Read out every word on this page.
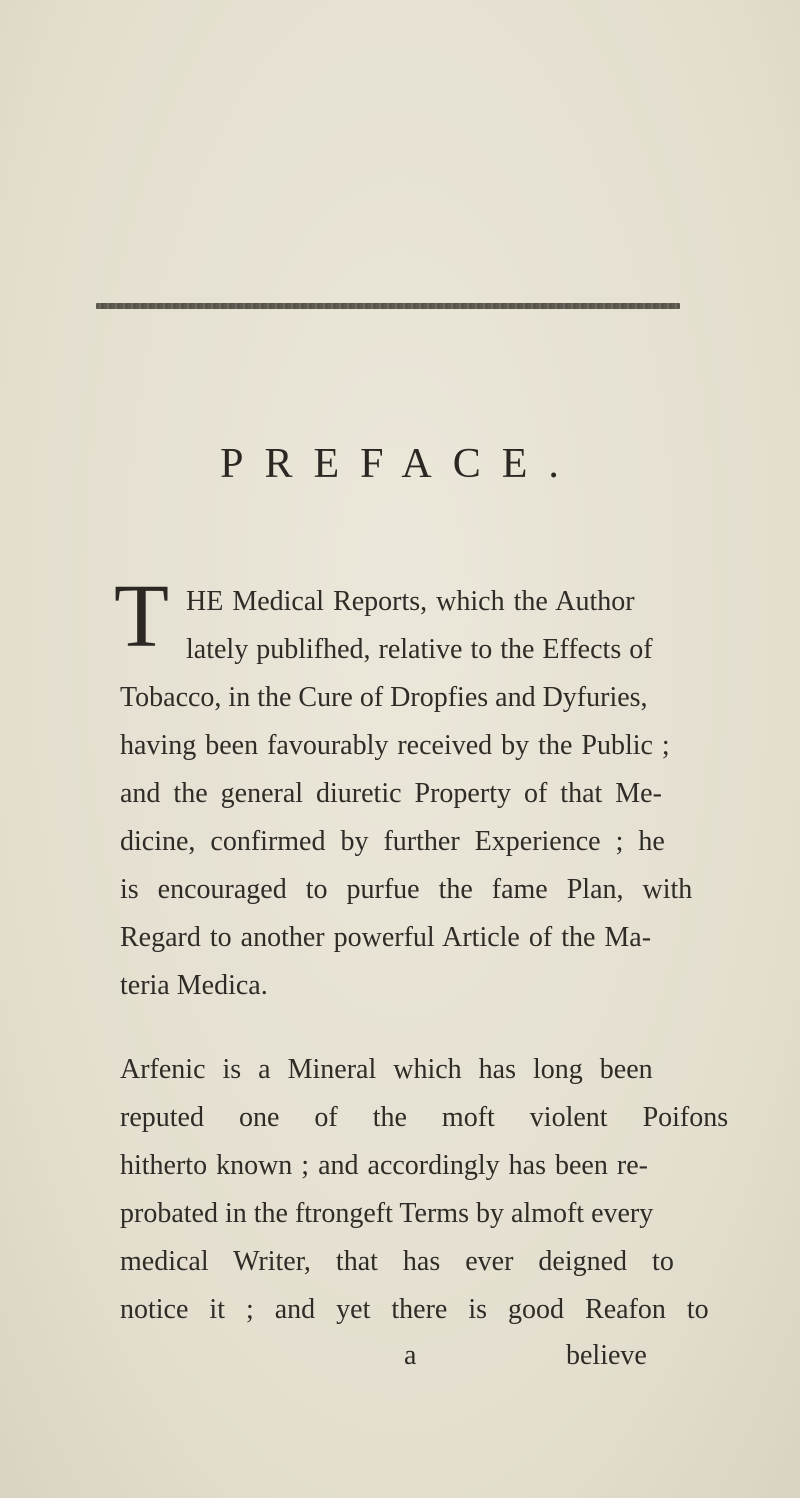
PREFACE.
T HE Medical Reports, which the Author
lately publifhed, relative to the Effects of
Tobacco, in the Cure of Dropfies and Dyfuries,
having been favourably received by the Public ;
and the general diuretic Property of that Me-
dicine, confirmed by further Experience ; he
is encouraged to purfue the fame Plan, with
Regard to another powerful Article of the Ma-
teria Medica.
Arfenic is a Mineral which has long been
reputed one of the moft violent Poifons
hitherto known ; and accordingly has been re-
probated in the ftrongeft Terms by almoft every
medical Writer, that has ever deigned to
notice it ; and yet there is good Reafon to
a	believe
